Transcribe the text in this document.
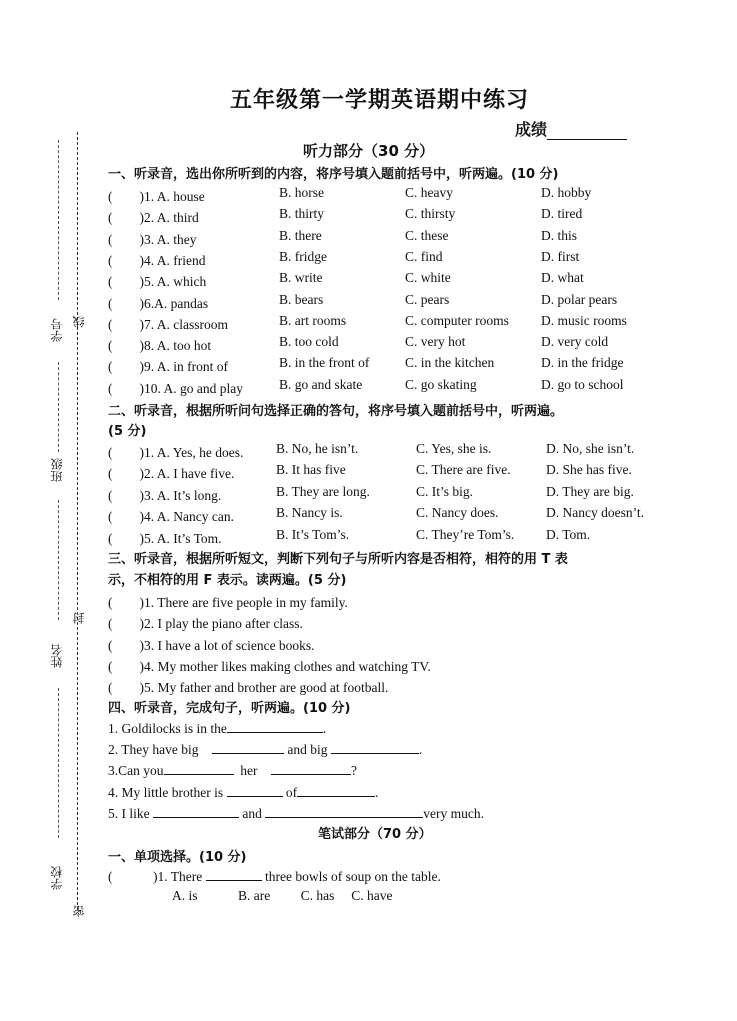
学号 线
班级
封
姓名
学校
密
五年级第一学期英语期中练习
成绩
听力部分（30 分）
一、听录音，选出你所听到的内容，将序号填入题前括号中，听两遍。(10 分)
(　　)1. A. house	B. horse	C. heavy	D. hobby
(　　)2. A. third	B. thirty	C. thirsty	D. tired
(　　)3. A. they	B. there	C. these	D. this
(　　)4. A. friend	B. fridge	C. find	D. first
(　　)5. A. which	B. write	C. white	D. what
(　　)6.A. pandas	B. bears	C. pears	D. polar pears
(　　)7. A. classroom	B. art rooms	C. computer rooms D. music rooms
(　　)8. A. too hot	B. too cold	C. very hot	D. very cold
(　　)9. A. in front of	B. in the front of	C. in the kitchen	D. in the fridge
(　　)10. A. go and play	B. go and skate	C. go skating	D. go to school
二、听录音，根据所听问句选择正确的答句，将序号填入题前括号中，听两遍。
(5 分)
(　　)1. A. Yes, he does. B. No, he isn’t.	C. Yes, she is.	D. No, she isn’t.
(　　)2. A. I have five.	B. It has five	C. There are five.	D. She has five.
(　　)3. A. It’s long.	B. They are long.	C. It’s big.	D. They are big.
(　　)4. A. Nancy can.	B. Nancy is.	C. Nancy does.	D. Nancy doesn’t.
(　　)5. A. It’s Tom.	B. It’s Tom’s.	C. They’re Tom’s. D. Tom.
三、听录音，根据所听短文，判断下列句子与所听内容是否相符，相符的用 T 表
示，不相符的用 F 表示。读两遍。(5 分)
(　　)1. There are five people in my family.
(　　)2. I play the piano after class.
(　　)3. I have a lot of science books.
(　　)4. My mother likes making clothes and watching TV.
(　　)5. My father and brother are good at football.
四、听录音，完成句子，听两遍。(10 分)
1. Goldilocks is in the	.
2. They have big	and big	.
3.Can you	her	?
4. My little brother is	of	.
5. I like	and	very much.
笔试部分（70 分）
一、单项选择。(10 分)
(　　　)1. There	three bowls of soup on the table.
A. is　　　B. are　　 C. has　 C. have
